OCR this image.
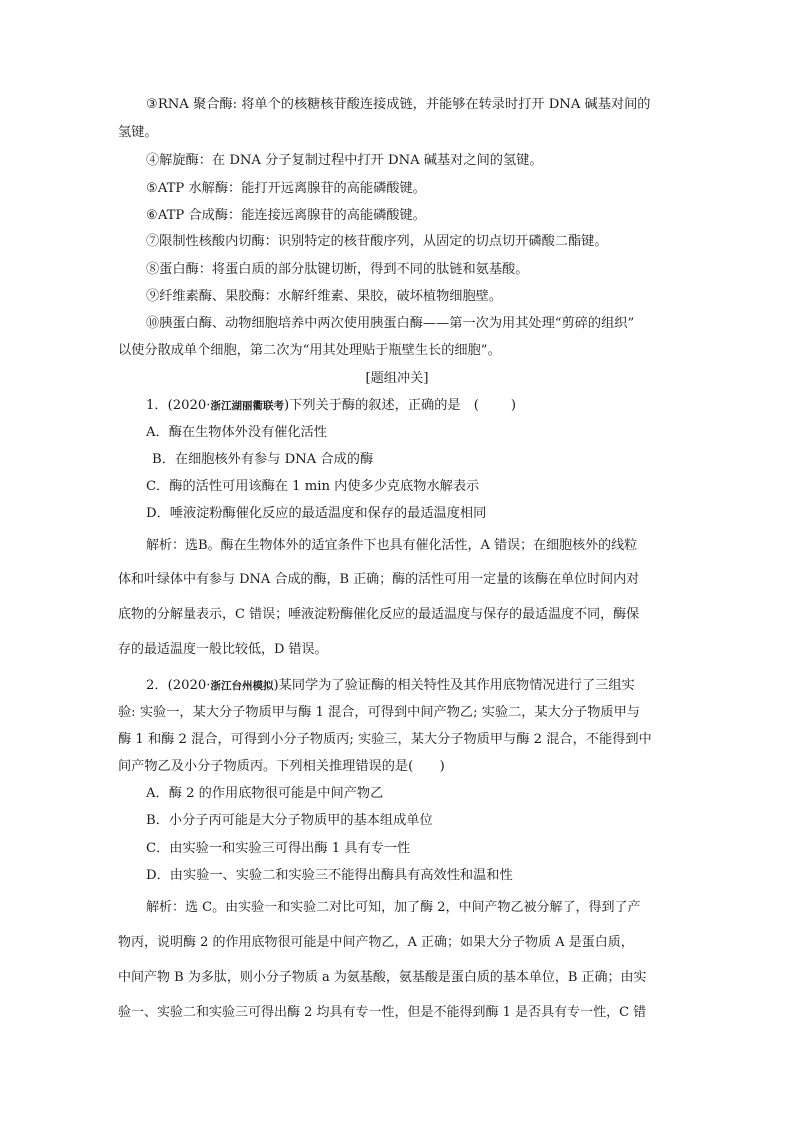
③RNA 聚合酶: 将单个的核糖核苷酸连接成链，并能够在转录时打开 DNA 碱基对间的
氢键。
④解旋酶：在 DNA 分子复制过程中打开 DNA 碱基对之间的氢键。
⑤ATP 水解酶：能打开远离腺苷的高能磷酸键。
⑥ATP 合成酶：能连接远离腺苷的高能磷酸键。
⑦限制性核酸内切酶：识别特定的核苷酸序列，从固定的切点切开磷酸二酯键。
⑧蛋白酶：将蛋白质的部分肽键切断，得到不同的肽链和氨基酸。
⑨纤维素酶、果胶酶：水解纤维素、果胶，破坏植物细胞壁。
⑩胰蛋白酶、动物细胞培养中两次使用胰蛋白酶——第一次为用其处理“剪碎的组织”
以使分散成单个细胞，第二次为“用其处理贴于瓶壁生长的细胞”。
[题组冲关]
1．(2020·浙江湖丽衢联考)下列关于酶的叙述，正确的是　 ( )
A．酶在生物体外没有催化活性
B．在细胞核外有参与 DNA 合成的酶
C．酶的活性可用该酶在 1 min 内使多少克底物水解表示
D．唾液淀粉酶催化反应的最适温度和保存的最适温度相同
解析：选B。酶在生物体外的适宜条件下也具有催化活性，A 错误；在细胞核外的线粒
体和叶绿体中有参与 DNA 合成的酶，B 正确；酶的活性可用一定量的该酶在单位时间内对
底物的分解量表示，C 错误；唾液淀粉酶催化反应的最适温度与保存的最适温度不同，酶保
存的最适温度一般比较低，D 错误。
2．(2020·浙江台州模拟)某同学为了验证酶的相关特性及其作用底物情况进行了三组实
验: 实验一，某大分子物质甲与酶 1 混合，可得到中间产物乙; 实验二，某大分子物质甲与
酶 1 和酶 2 混合，可得到小分子物质丙; 实验三，某大分子物质甲与酶 2 混合，不能得到中
间产物乙及小分子物质丙。下列相关推理错误的是(　　)
A．酶 2 的作用底物很可能是中间产物乙
B．小分子丙可能是大分子物质甲的基本组成单位
C．由实验一和实验三可得出酶 1 具有专一性
D．由实验一、实验二和实验三不能得出酶具有高效性和温和性
解析：选 C。由实验一和实验二对比可知，加了酶 2，中间产物乙被分解了，得到了产
物丙，说明酶 2 的作用底物很可能是中间产物乙，A 正确；如果大分子物质 A 是蛋白质，
中间产物 B 为多肽，则小分子物质 a 为氨基酸，氨基酸是蛋白质的基本单位，B 正确；由实
验一、实验二和实验三可得出酶 2 均具有专一性，但是不能得到酶 1 是否具有专一性，C 错
